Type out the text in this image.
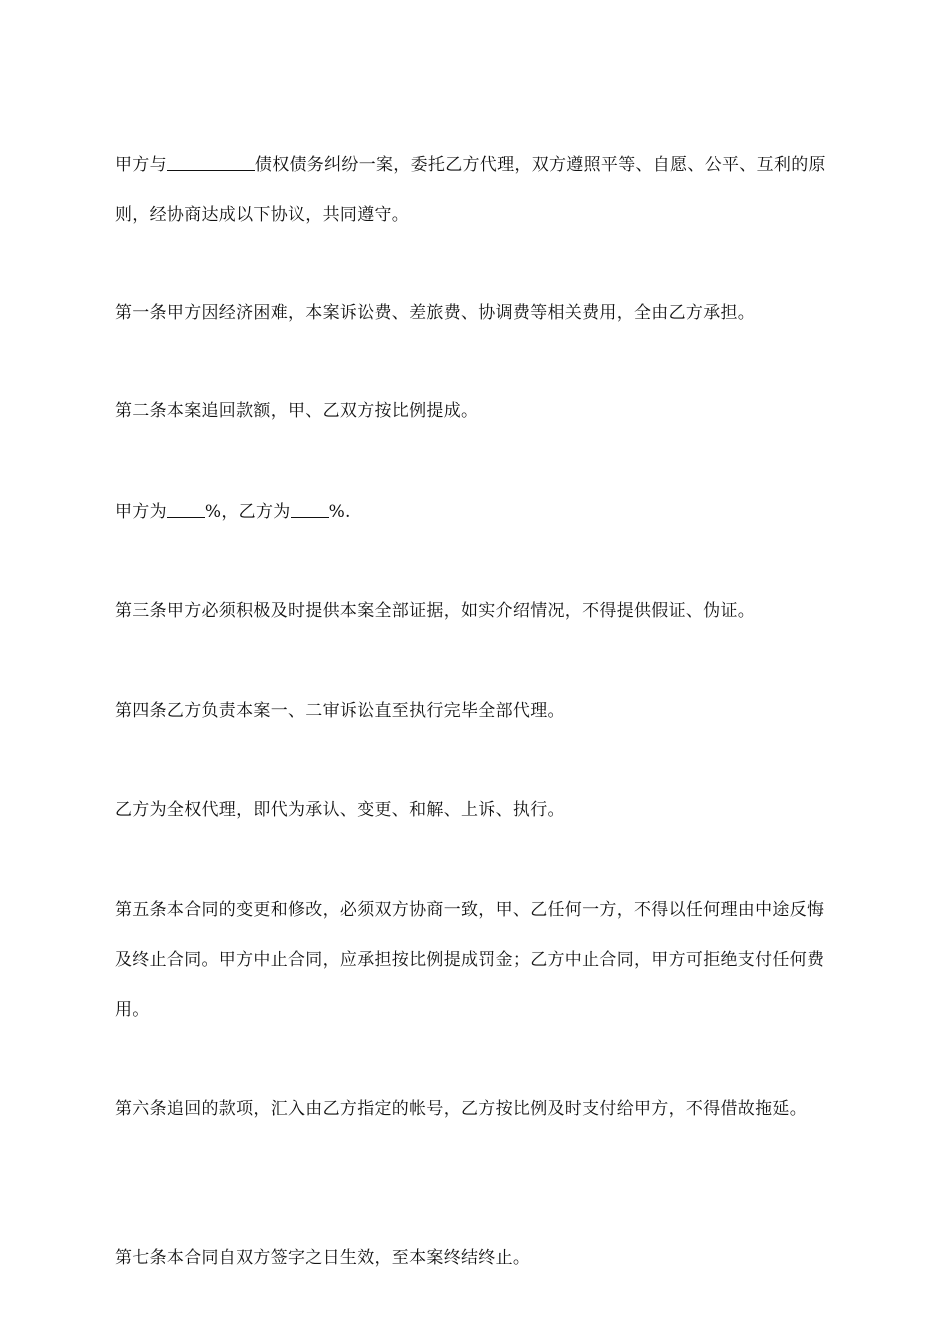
甲方与	债权债务纠纷一案，委托乙方代理，双方遵照平等、自愿、公平、互利的原则，经协商达成以下协议，共同遵守。

第一条甲方因经济困难，本案诉讼费、差旅费、协调费等相关费用，全由乙方承担。

第二条本案追回款额，甲、乙双方按比例提成。

甲方为 %，乙方为 %.

第三条甲方必须积极及时提供本案全部证据，如实介绍情况，不得提供假证、伪证。

第四条乙方负责本案一、二审诉讼直至执行完毕全部代理。

乙方为全权代理，即代为承认、变更、和解、上诉、执行。

第五条本合同的变更和修改，必须双方协商一致，甲、乙任何一方，不得以任何理由中途反悔及终止合同。甲方中止合同，应承担按比例提成罚金；乙方中止合同，甲方可拒绝支付任何费用。

第六条追回的款项，汇入由乙方指定的帐号，乙方按比例及时支付给甲方，不得借故拖延。

第七条本合同自双方签字之日生效，至本案终结终止。
